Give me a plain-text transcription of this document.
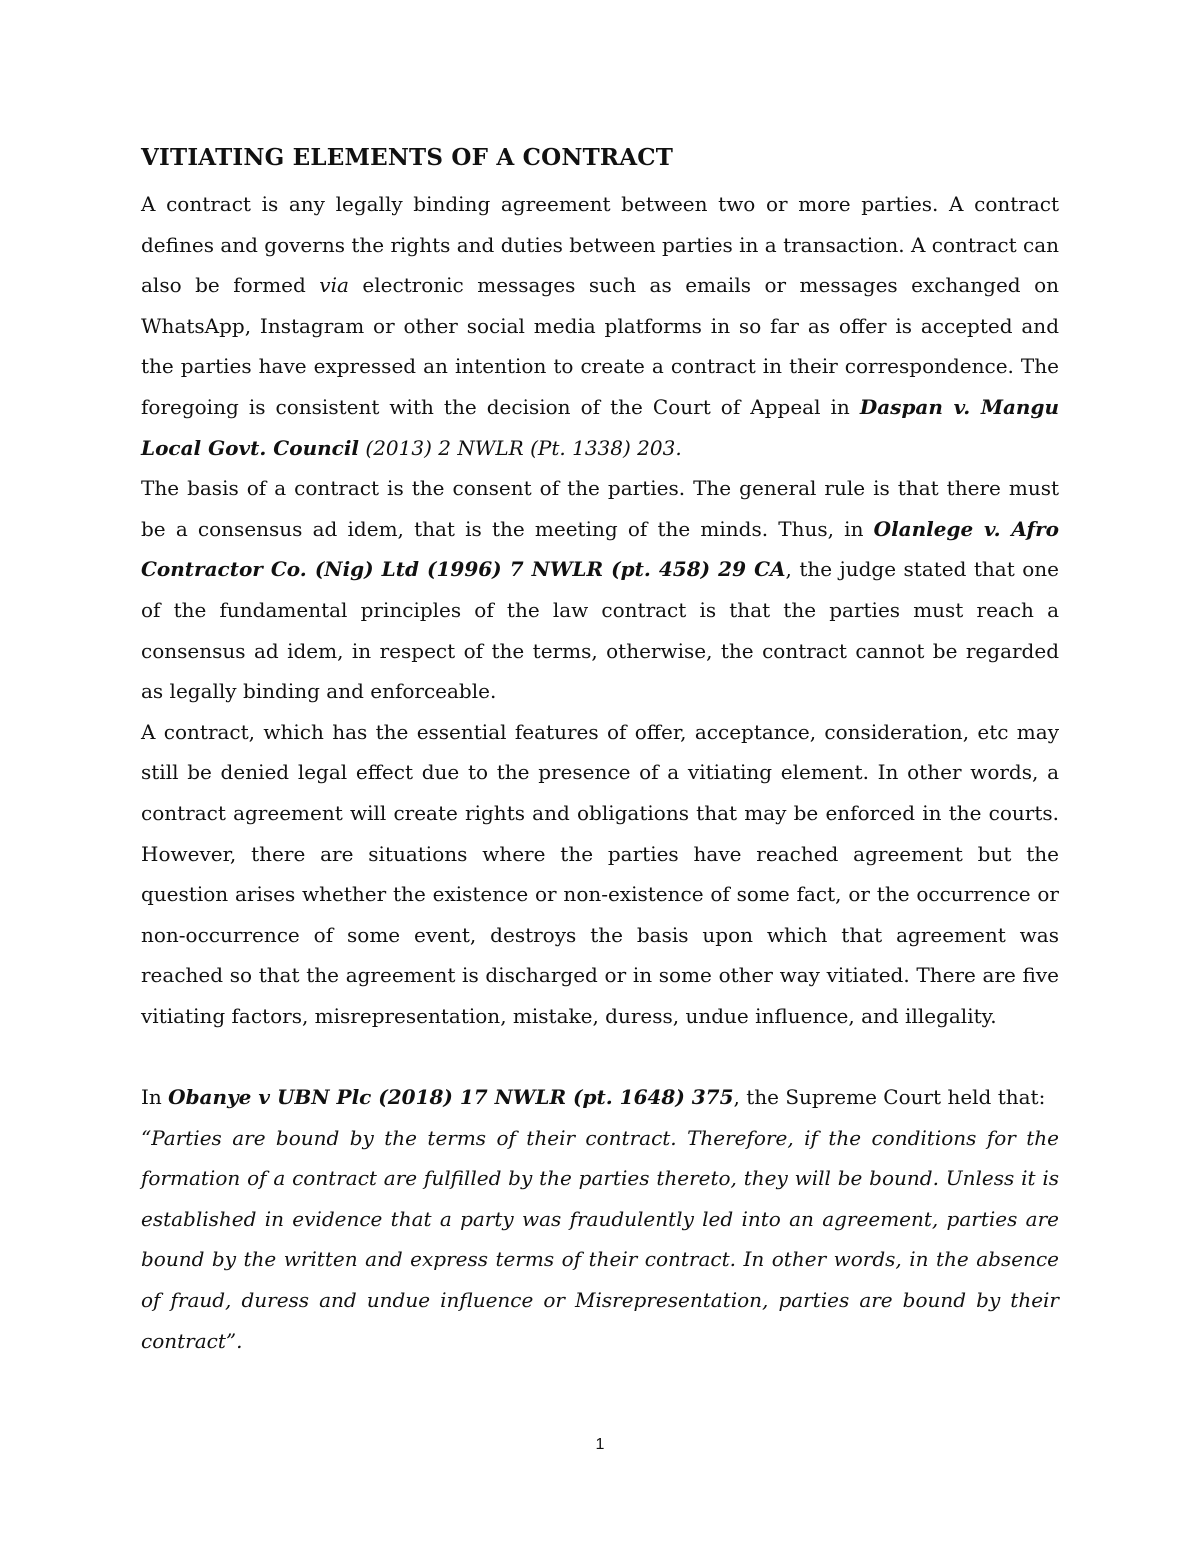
VITIATING ELEMENTS OF A CONTRACT

A contract is any legally binding agreement between two or more parties. A contract defines and governs the rights and duties between parties in a transaction. A contract can also be formed via electronic messages such as emails or messages exchanged on WhatsApp, Instagram or other social media platforms in so far as offer is accepted and the parties have expressed an intention to create a contract in their correspondence. The foregoing is consistent with the decision of the Court of Appeal in Daspan v. Mangu Local Govt. Council (2013) 2 NWLR (Pt. 1338) 203.

The basis of a contract is the consent of the parties. The general rule is that there must be a consensus ad idem, that is the meeting of the minds. Thus, in Olanlege v. Afro Contractor Co. (Nig) Ltd (1996) 7 NWLR (pt. 458) 29 CA, the judge stated that one of the fundamental principles of the law contract is that the parties must reach a consensus ad idem, in respect of the terms, otherwise, the contract cannot be regarded as legally binding and enforceable.

A contract, which has the essential features of offer, acceptance, consideration, etc may still be denied legal effect due to the presence of a vitiating element. In other words, a contract agreement will create rights and obligations that may be enforced in the courts. However, there are situations where the parties have reached agreement but the question arises whether the existence or non-existence of some fact, or the occurrence or non-occurrence of some event, destroys the basis upon which that agreement was reached so that the agreement is discharged or in some other way vitiated. There are five vitiating factors, misrepresentation, mistake, duress, undue influence, and illegality.

In Obanye v UBN Plc (2018) 17 NWLR (pt. 1648) 375, the Supreme Court held that:

“Parties are bound by the terms of their contract. Therefore, if the conditions for the formation of a contract are fulfilled by the parties thereto, they will be bound. Unless it is established in evidence that a party was fraudulently led into an agreement, parties are bound by the written and express terms of their contract. In other words, in the absence of fraud, duress and undue influence or Misrepresentation, parties are bound by their contract”.

1
